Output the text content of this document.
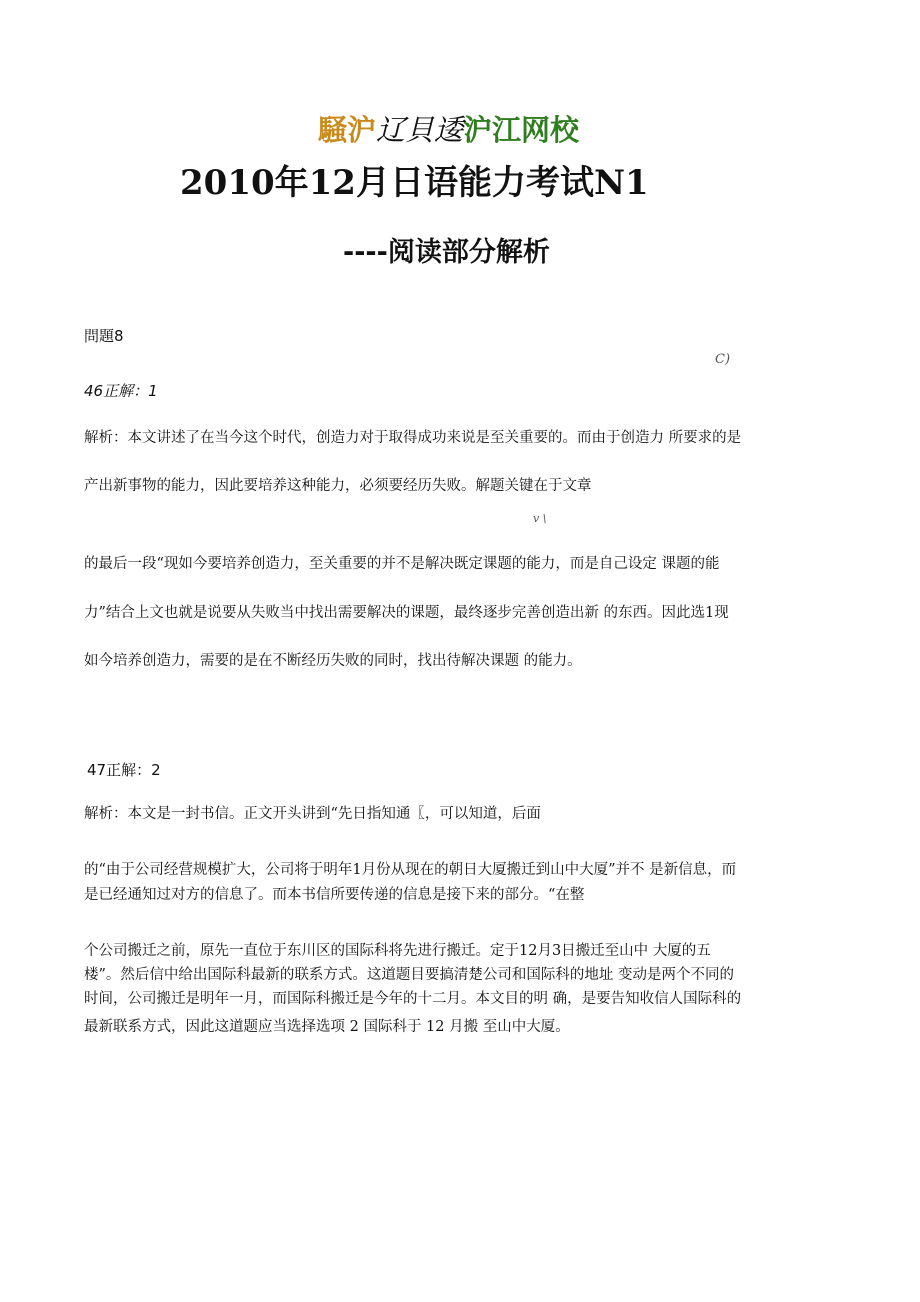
騒沪辽貝逶沪江网校
2010年12月日语能力考试N1
----阅读部分解析
問題8
C)
46正解：1
解析：本文讲述了在当今这个时代，创造力对于取得成功来说是至关重要的。而由于创造力 所要求的是
产出新事物的能力，因此要培养这种能力，必须要经历失败。解题关键在于文章
v \
的最后一段“现如今要培养创造力，至关重要的并不是解决既定课题的能力，而是自己设定 课题的能
力”结合上文也就是说要从失败当中找出需要解决的课题，最终逐步完善创造出新 的东西。因此选1现
如今培养创造力，需要的是在不断经历失败的同时，找出待解决课题 的能力。
47正解：2
解析：本文是一封书信。正文开头讲到“先日指知通〖，可以知道，后面
的“由于公司经营规模扩大，公司将于明年1月份从现在的朝日大厦搬迁到山中大厦”并不 是新信息，而
是已经通知过对方的信息了。而本书信所要传递的信息是接下来的部分。“在整
个公司搬迁之前，原先一直位于东川区的国际科将先进行搬迁。定于12月3日搬迁至山中 大厦的五
楼”。然后信中给出国际科最新的联系方式。这道题目要搞清楚公司和国际科的地址 变动是两个不同的
时间，公司搬迁是明年一月，而国际科搬迁是今年的十二月。本文目的明 确，是要告知收信人国际科的
最新联系方式，因此这道题应当选择选项 2 国际科于 12 月搬 至山中大厦。
